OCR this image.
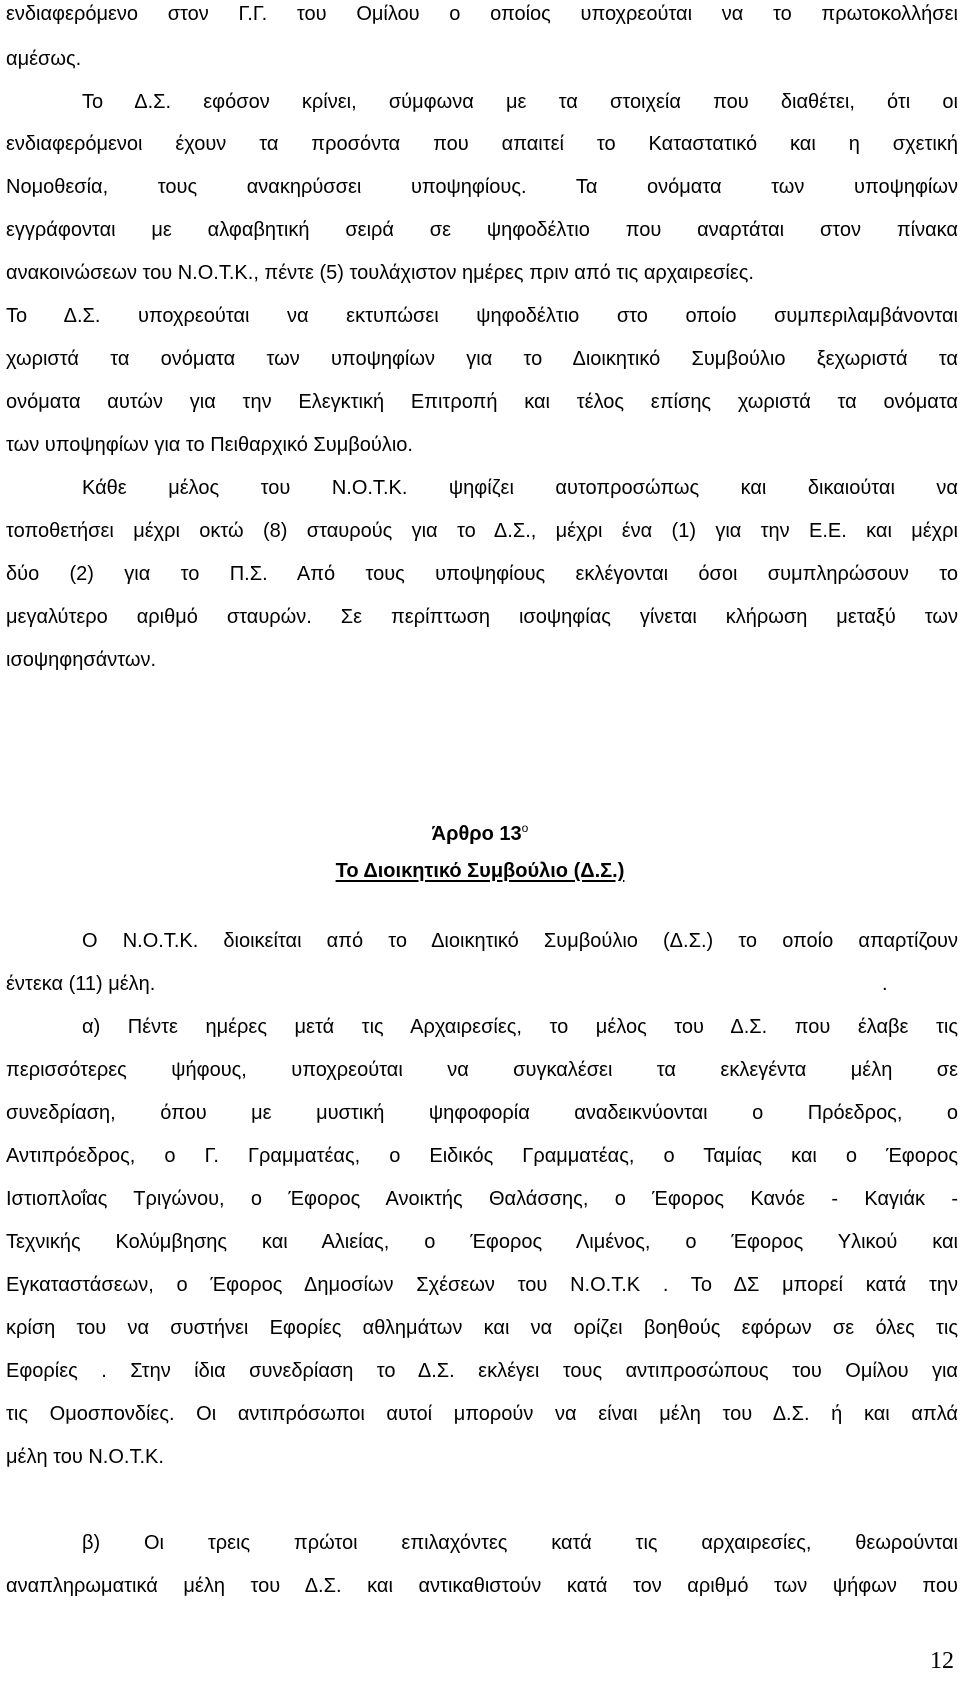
ενδιαφερόμενο στον Γ.Γ. του Ομίλου ο οποίος υποχρεούται να το πρωτοκολλήσει
αμέσως.
Το Δ.Σ. εφόσον κρίνει, σύμφωνα με τα στοιχεία που διαθέτει, ότι οι
ενδιαφερόμενοι έχουν τα προσόντα που απαιτεί το Καταστατικό και η σχετική
Νομοθεσία, τους ανακηρύσσει υποψηφίους. Τα ονόματα των υποψηφίων
εγγράφονται με αλφαβητική σειρά σε ψηφοδέλτιο που αναρτάται στον πίνακα
ανακοινώσεων του Ν.Ο.Τ.Κ., πέντε (5) τουλάχιστον ημέρες πριν από τις αρχαιρεσίες.
Το Δ.Σ. υποχρεούται να εκτυπώσει ψηφοδέλτιο στο οποίο συμπεριλαμβάνονται
χωριστά τα ονόματα των υποψηφίων για το Διοικητικό Συμβούλιο ξεχωριστά τα
ονόματα αυτών για την Ελεγκτική Επιτροπή και τέλος επίσης χωριστά τα ονόματα
των υποψηφίων για το Πειθαρχικό Συμβούλιο.
Κάθε μέλος του Ν.Ο.Τ.Κ. ψηφίζει αυτοπροσώπως και δικαιούται να
τοποθετήσει μέχρι οκτώ (8) σταυρούς για το Δ.Σ., μέχρι ένα (1) για την Ε.Ε. και μέχρι
δύο (2) για το Π.Σ. Από τους υποψηφίους εκλέγονται όσοι συμπληρώσουν το
μεγαλύτερο αριθμό σταυρών. Σε περίπτωση ισοψηφίας γίνεται κλήρωση μεταξύ των
ισοψηφησάντων.
Άρθρο $13^o$
Το Διοικητικό Συμβούλιο (Δ.Σ.)
Ο Ν.Ο.Τ.Κ. διοικείται από το Διοικητικό Συμβούλιο (Δ.Σ.) το οποίο απαρτίζουν
έντεκα (11) μέλη.	.
α) Πέντε ημέρες μετά τις Αρχαιρεσίες, το μέλος του Δ.Σ. που έλαβε τις
περισσότερες ψήφους, υποχρεούται να συγκαλέσει τα εκλεγέντα μέλη σε
συνεδρίαση, όπου με μυστική ψηφοφορία αναδεικνύονται ο Πρόεδρος, ο
Αντιπρόεδρος, ο Γ. Γραμματέας, ο Ειδικός Γραμματέας, ο Ταμίας και ο Έφορος
Ιστιοπλοΐας Τριγώνου, ο Έφορος Ανοικτής Θαλάσσης, ο Έφορος Κανόε - Καγιάκ -
Τεχνικής Κολύμβησης και Αλιείας, ο Έφορος Λιμένος, ο Έφορος Υλικού και
Εγκαταστάσεων, ο Έφορος Δημοσίων Σχέσεων του Ν.Ο.Τ.Κ . Το ΔΣ μπορεί κατά την
κρίση του να συστήνει Εφορίες αθλημάτων και να ορίζει βοηθούς εφόρων σε όλες τις
Εφορίες . Στην ίδια συνεδρίαση το Δ.Σ. εκλέγει τους αντιπροσώπους του Ομίλου για
τις Ομοσπονδίες. Οι αντιπρόσωποι αυτοί μπορούν να είναι μέλη του Δ.Σ. ή και απλά
μέλη του Ν.Ο.Τ.Κ.
β) Οι τρεις πρώτοι επιλαχόντες κατά τις αρχαιρεσίες, θεωρούνται
αναπληρωματικά μέλη του Δ.Σ. και αντικαθιστούν κατά τον αριθμό των ψήφων που
12
